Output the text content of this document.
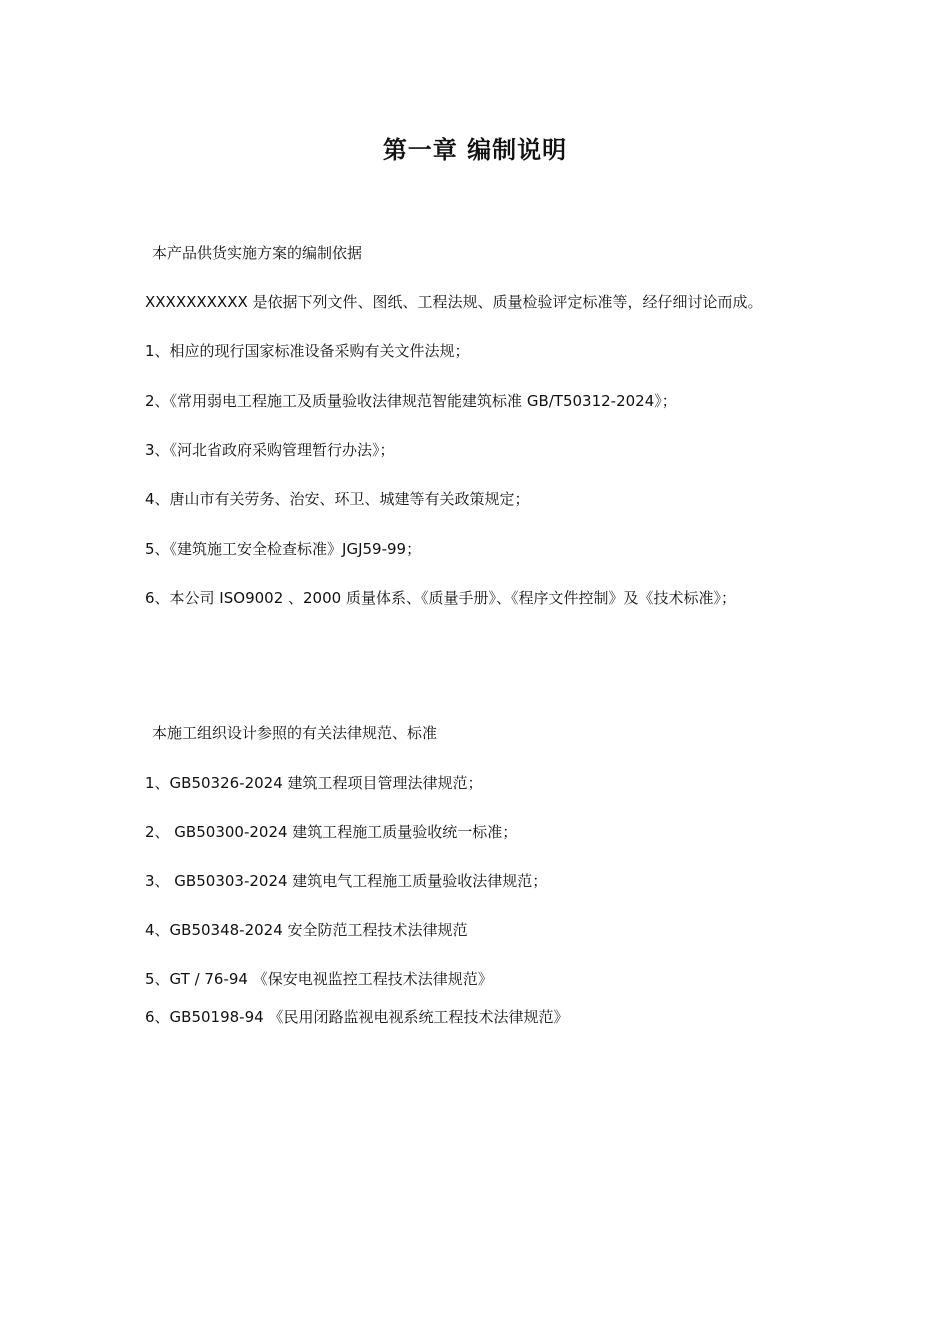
第一章 编制说明
本产品供货实施方案的编制依据
XXXXXXXXXX 是依据下列文件、图纸、工程法规、质量检验评定标准等，经仔细讨论而成。
1、相应的现行国家标准设备采购有关文件法规；
2、《常用弱电工程施工及质量验收法律规范智能建筑标准 GB/T50312-2024》；
3、《河北省政府采购管理暂行办法》；
4、唐山市有关劳务、治安、环卫、城建等有关政策规定；
5、《建筑施工安全检查标准》JGJ59-99；
6、本公司 ISO9002 、2000 质量体系、《质量手册》、《程序文件控制》及《技术标准》；
本施工组织设计参照的有关法律规范、标准
1、GB50326-2024 建筑工程项目管理法律规范；
2、 GB50300-2024 建筑工程施工质量验收统一标准；
3、 GB50303-2024 建筑电气工程施工质量验收法律规范；
4、GB50348-2024 安全防范工程技术法律规范
5、GT / 76-94 《保安电视监控工程技术法律规范》
6、GB50198-94 《民用闭路监视电视系统工程技术法律规范》
